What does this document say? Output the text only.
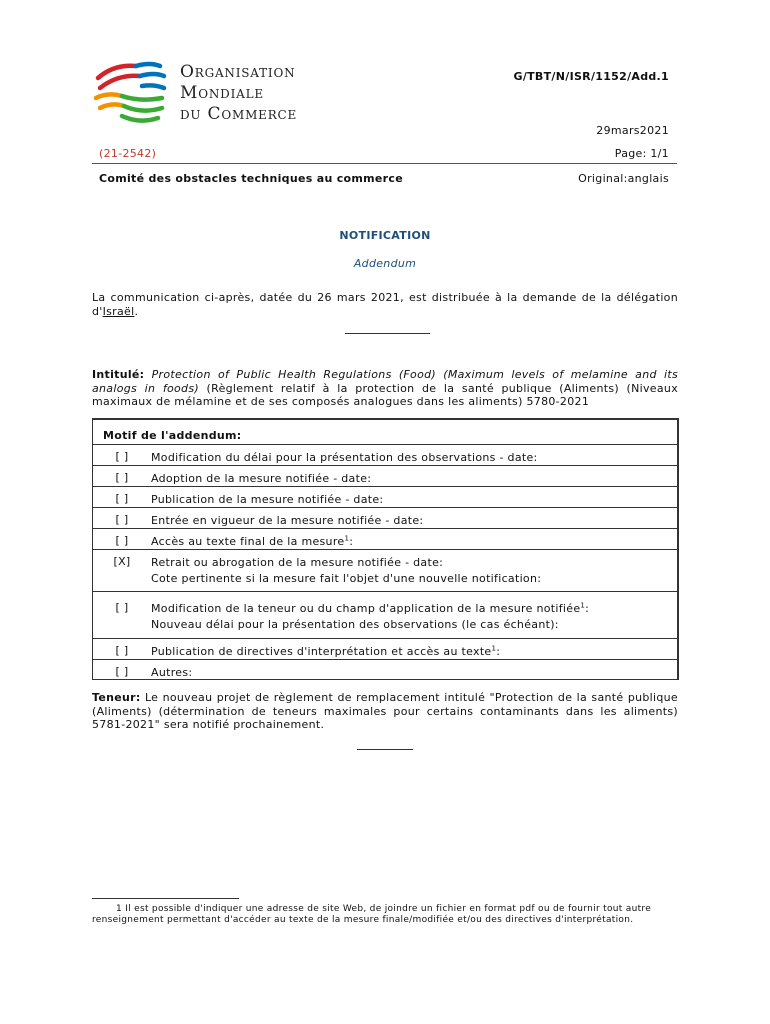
Organisation
Mondiale
du Commerce
G/TBT/N/ISR/1152/Add.1
29mars2021
(21-2542)	Page: 1/1
Comité des obstacles techniques au commerce	Original:anglais
NOTIFICATION
Addendum
La communication ci-après, datée du 26 mars 2021, est distribuée à la demande de la délégation d'Israël.
Intitulé: Protection of Public Health Regulations (Food) (Maximum levels of melamine and its analogs in foods) (Règlement relatif à la protection de la santé publique (Aliments) (Niveaux maximaux de mélamine et de ses composés analogues dans les aliments) 5780-2021
Motif de l'addendum:
[ ]	Modification du délai pour la présentation des observations - date:
[ ]	Adoption de la mesure notifiée - date:
[ ]	Publication de la mesure notifiée - date:
[ ]	Entrée en vigueur de la mesure notifiée - date:
[ ]	Accès au texte final de la mesure$^1$:
[X]	Retrait ou abrogation de la mesure notifiée - date:
Cote pertinente si la mesure fait l'objet d'une nouvelle notification:
[ ]	Modification de la teneur ou du champ d'application de la mesure notifiée$^1$:
Nouveau délai pour la présentation des observations (le cas échéant):
[ ]	Publication de directives d'interprétation et accès au texte$^1$:
[ ]	Autres:
Teneur: Le nouveau projet de règlement de remplacement intitulé "Protection de la santé publique (Aliments) (détermination de teneurs maximales pour certains contaminants dans les aliments) 5781-2021" sera notifié prochainement.
1 Il est possible d'indiquer une adresse de site Web, de joindre un fichier en format pdf ou de fournir tout autre renseignement permettant d'accéder au texte de la mesure finale/modifiée et/ou des directives d'interprétation.
